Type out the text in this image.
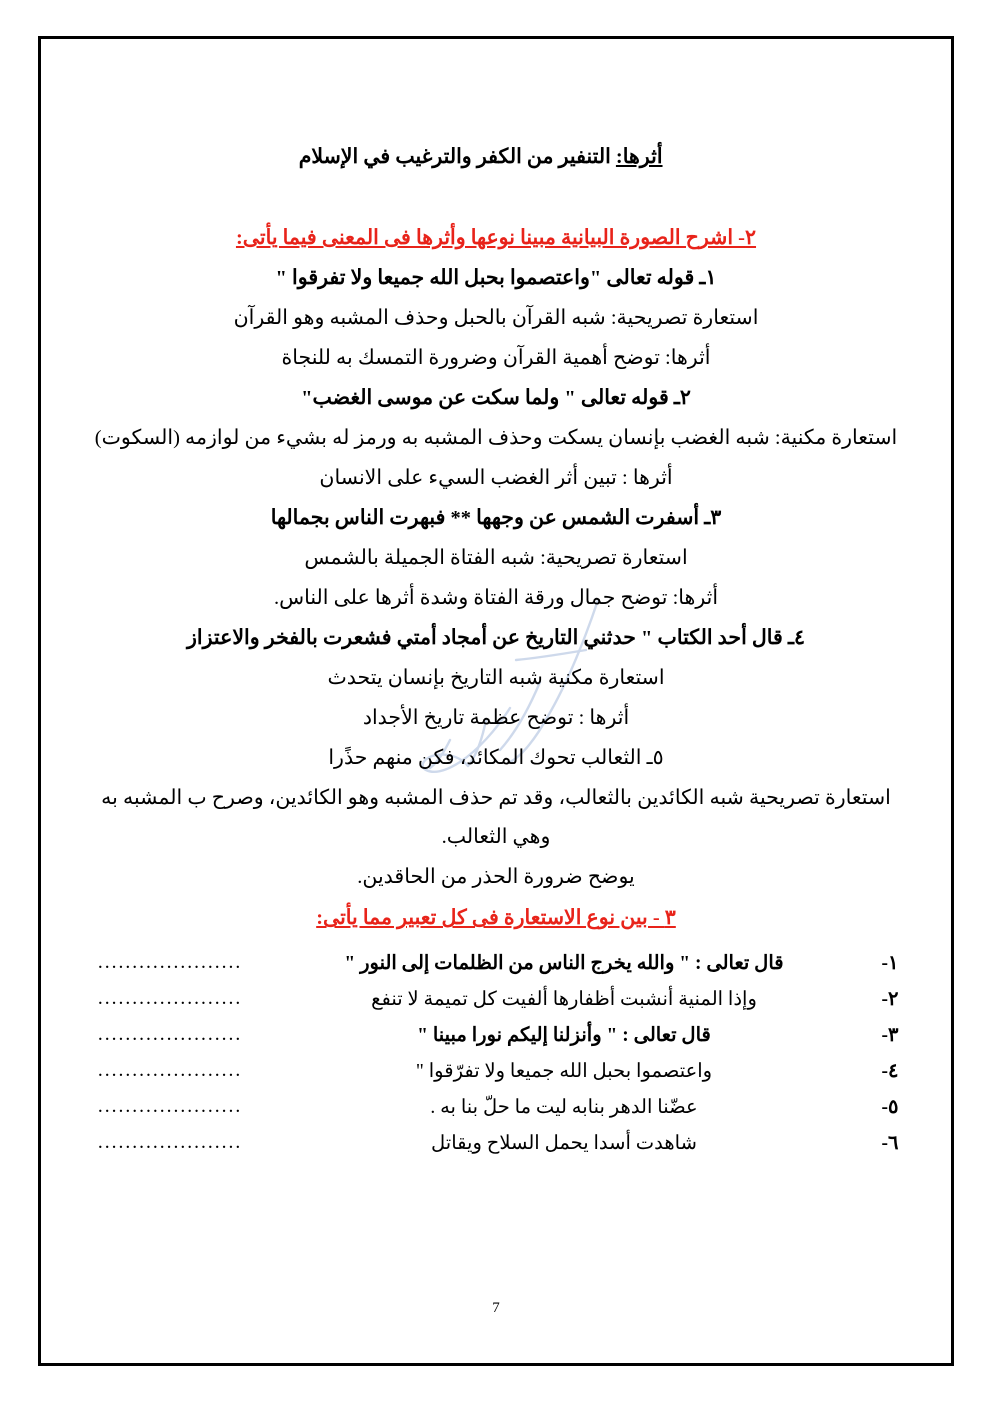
أثرها: التنفير من الكفر والترغيب في الإسلام

٢- اشرح الصورة البيانية مبينا نوعها وأثرها فى المعنى فيما يأتى:

١ـ قوله تعالى "واعتصموا بحبل الله جميعا ولا تفرقوا "

استعارة تصريحية: شبه القرآن بالحبل وحذف المشبه وهو القرآن

أثرها: توضح أهمية القرآن وضرورة التمسك به للنجاة

٢ـ قوله تعالى " ولما سكت عن موسى الغضب"

استعارة مكنية: شبه الغضب بإنسان يسكت وحذف المشبه به ورمز له بشيء من لوازمه (السكوت)

أثرها : تبين أثر الغضب السيء على الانسان

٣ـ أسفرت الشمس عن وجهها ** فبهرت الناس بجمالها

استعارة تصريحية: شبه الفتاة الجميلة بالشمس

أثرها: توضح جمال ورقة الفتاة وشدة أثرها على الناس.

٤ـ قال أحد الكتاب " حدثني التاريخ عن أمجاد أمتي فشعرت بالفخر والاعتزاز

استعارة مكنية شبه التاريخ بإنسان يتحدث

أثرها : توضح عظمة تاريخ الأجداد

٥ـ الثعالب تحوك المكائد، فكن منهم حذًرا

استعارة تصريحية شبه الكائدين بالثعالب، وقد تم حذف المشبه وهو الكائدين، وصرح ب المشبه به

وهي الثعالب.

يوضح ضرورة الحذر من الحاقدين.

٣ - بين نوع الاستعارة فى كل تعبير مما يأتى:

١-	قال تعالى : " والله يخرج الناس من الظلمات إلى النور "	.....................
٢-	وإذا المنية أنشبت أظفارها ألفيت كل تميمة لا تنفع	.....................
٣-	قال تعالى : " وأنزلنا إليكم نورا مبينا "	.....................
٤-	واعتصموا بحبل الله جميعا ولا تفرّقوا "	.....................
٥-	عضّنا الدهر بنابه ليت ما حلّ بنا به .	.....................
٦-	شاهدت أسدا يحمل السلاح ويقاتل	.....................
7
